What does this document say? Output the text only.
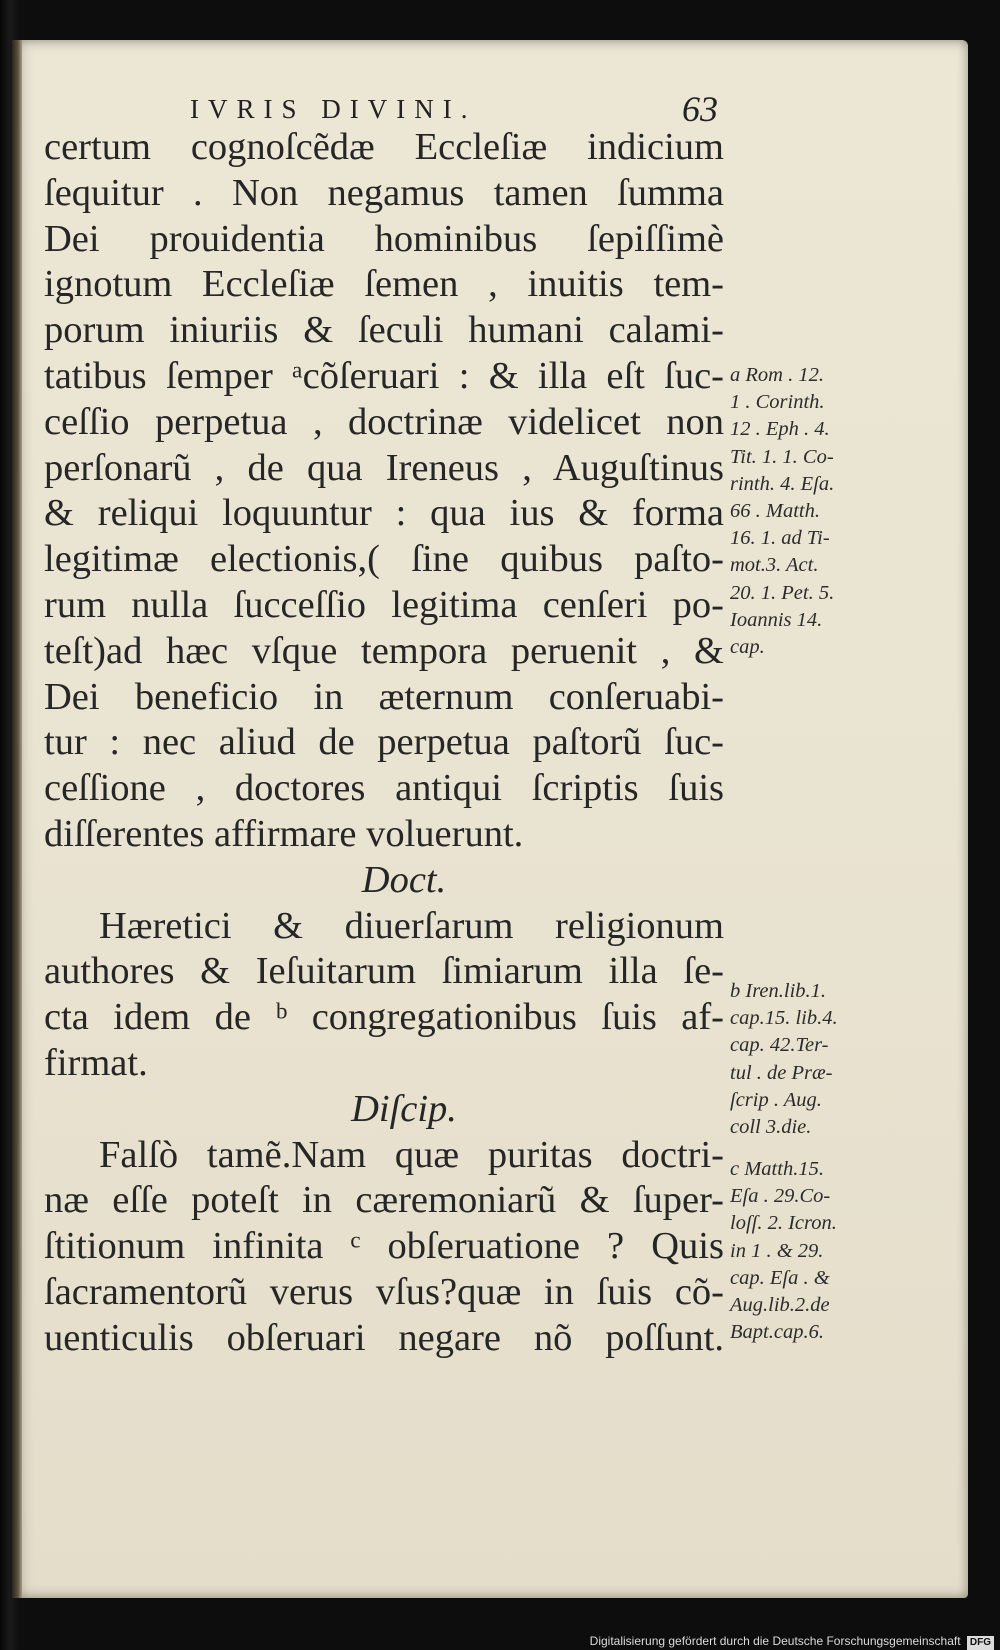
IVRIS DIVINI.	63
certum cognoſcẽdæ Eccleſiæ indicium
ſequitur . Non negamus tamen ſumma
Dei prouidentia hominibus ſepiſſimè
ignotum Eccleſiæ ſemen , inuitis tem-
porum iniuriis & ſeculi humani calami-
tatibus ſemper ᵃcõſeruari : & illa eſt ſuc-
ceſſio perpetua , doctrinæ videlicet non
perſonarũ , de qua Ireneus , Auguſtinus
& reliqui loquuntur : qua ius & forma
legitimæ electionis,( ſine quibus paſto-
rum nulla ſucceſſio legitima cenſeri po-
teſt)ad hæc vſque tempora peruenit , &
Dei beneficio in æternum conſeruabi-
tur : nec aliud de perpetua paſtorũ ſuc-
ceſſione , doctores antiqui ſcriptis ſuis
diſſerentes affirmare voluerunt.
Doct.
Hæretici & diuerſarum religionum
authores & Ieſuitarum ſimiarum illa ſe-
cta idem de ᵇ congregationibus ſuis af-
firmat.
Diſcip.
Falſò tamẽ.Nam quæ puritas doctri-
næ eſſe poteſt in cæremoniarũ & ſuper-
ſtitionum infinita ᶜ obſeruatione ? Quis
ſacramentorũ verus vſus?quæ in ſuis cõ-
uenticulis obſeruari negare nõ poſſunt.
a Rom . 12.
1 . Corinth.
12 . Eph . 4.
Tit. 1. 1. Co-
rinth. 4. Eſa.
66 . Matth.
16. 1. ad Ti-
mot.3. Act.
20. 1. Pet. 5.
Ioannis 14.
cap.
b Iren.lib.1.
cap.15. lib.4.
cap. 42.Ter-
tul . de Præ-
ſcrip . Aug.
coll 3.die.
c Matth.15.
Eſa . 29.Co-
loſſ. 2. Icron.
in 1 . & 29.
cap. Eſa . &
Aug.lib.2.de
Bapt.cap.6.
Digitalisierung gefördert durch die Deutsche Forschungsgemeinschaft DFG
